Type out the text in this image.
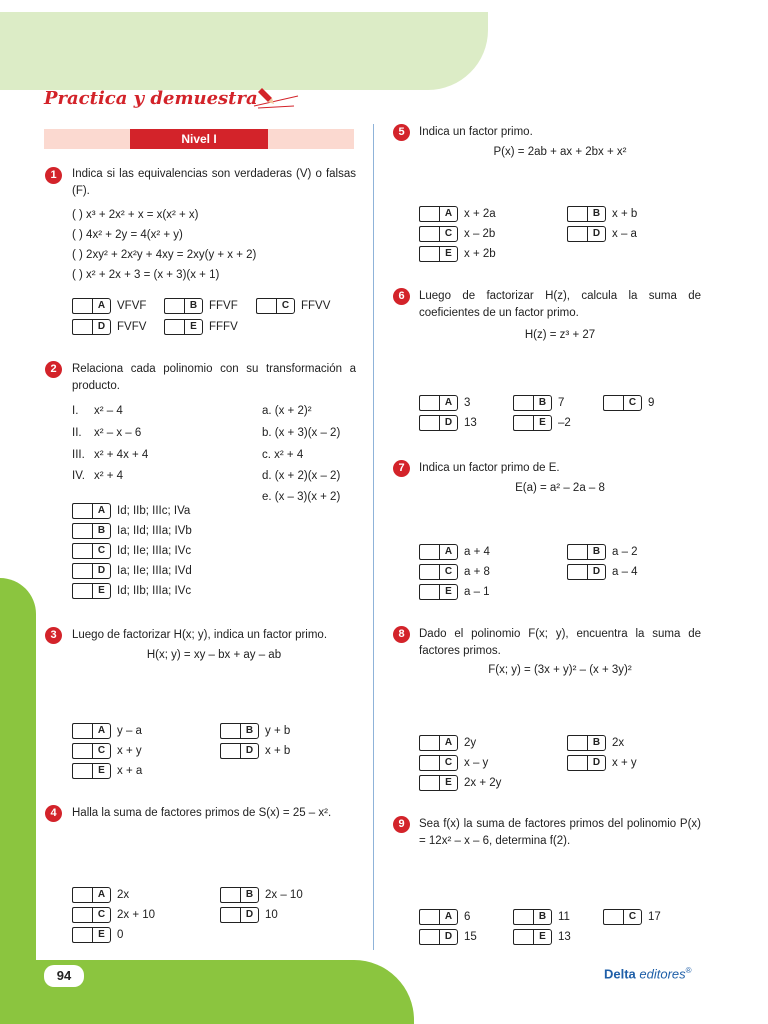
Practica y demuestra
Nivel I
1	Indica si las equivalencias son verdaderas (V) o falsas (F).
( ) x³ + 2x² + x = x(x² + x)
( ) 4x² + 2y = 4(x² + y)
( ) 2xy² + 2x²y + 4xy = 2xy(y + x + 2)
( ) x² + 2x + 3 = (x + 3)(x + 1)
A	VFVF	B	FFVF	C	FFVV
D	FVFV	E	FFFV
2	Relaciona cada polinomio con su transformación a producto.
I. x² – 4
II. x² – x – 6
III. x² + 4x + 4
IV. x² + 4
a. (x + 2)²
b. (x + 3)(x – 2)
c. x² + 4
d. (x + 2)(x – 2)
e. (x – 3)(x + 2)
A	Id; IIb; IIIc; IVa
B	Ia; IId; IIIa; IVb
C	Id; IIe; IIIa; IVc
D	Ia; IIe; IIIa; IVd
E	Id; IIb; IIIa; IVc
3	Luego de factorizar H(x; y), indica un factor primo.
H(x; y) = xy – bx + ay – ab
A	y – a	B	y + b
C	x + y	D	x + b
E	x + a
4	Halla la suma de factores primos de S(x) = 25 – x².
A	2x	B	2x – 10
C	2x + 10	D	10
E	0
5	Indica un factor primo.
P(x) = 2ab + ax + 2bx + x²
A	x + 2a	B	x + b
C	x – 2b	D	x – a
E	x + 2b
6	Luego de factorizar H(z), calcula la suma de coeficientes de un factor primo.
H(z) = z³ + 27
A	3	B	7	C	9
D	13	E	–2
7	Indica un factor primo de E.
E(a) = a² – 2a – 8
A	a + 4	B	a – 2
C	a + 8	D	a – 4
E	a – 1
8	Dado el polinomio F(x; y), encuentra la suma de factores primos.
F(x; y) = (3x + y)² – (x + 3y)²
A	2y	B	2x
C	x – y	D	x + y
E	2x + 2y
9	Sea f(x) la suma de factores primos del polinomio P(x) = 12x² – x – 6, determina f(2).
A	6	B	11	C	17
D	15	E	13
94	Delta editores®
